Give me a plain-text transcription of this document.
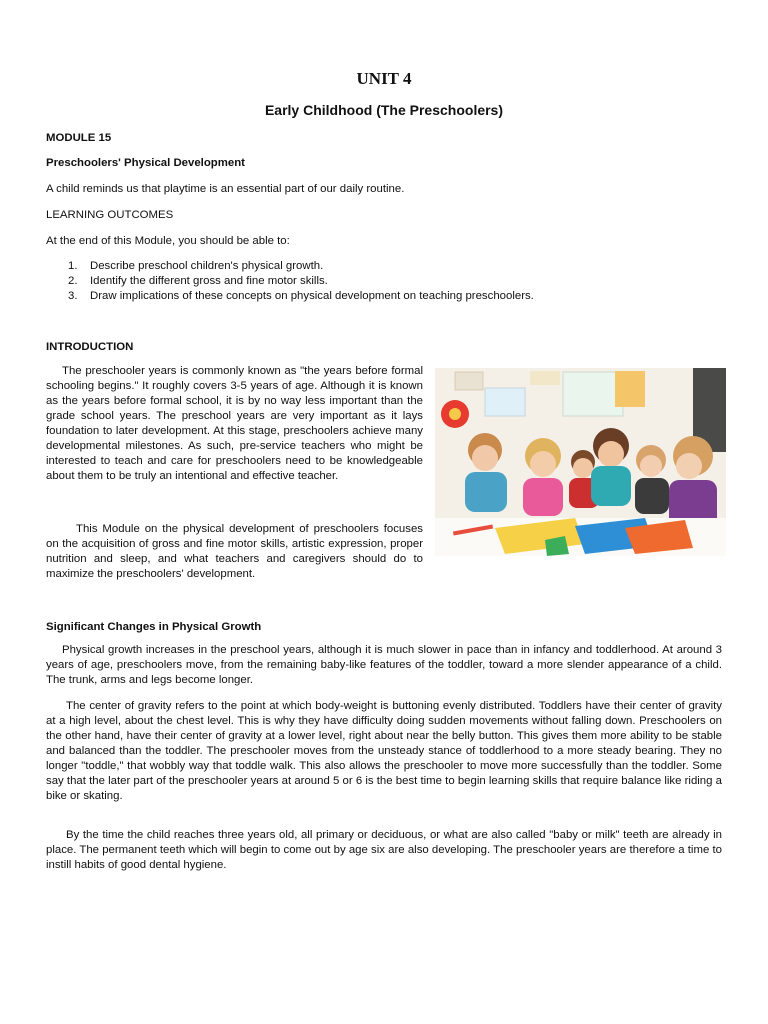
UNIT 4
Early Childhood (The Preschoolers)
MODULE 15
Preschoolers' Physical Development
A child reminds us that playtime is an essential part of our daily routine.
LEARNING OUTCOMES
At the end of this Module, you should be able to:
1. Describe preschool children's physical growth.
2. Identify the different gross and fine motor skills.
3. Draw implications of these concepts on physical development on teaching preschoolers.
INTRODUCTION

The preschooler years is commonly known as "the years before formal schooling begins." It roughly covers 3-5 years of age. Although it is known as the years before formal school, it is by no way less important than the grade school years. The preschool years are very important as it lays foundation to later development. At this stage, preschoolers achieve many developmental milestones. As such, pre-service teachers who might be interested to teach and care for preschoolers need to be knowledgeable about them to be truly an intentional and effective teacher.

This Module on the physical development of preschoolers focuses on the acquisition of gross and fine motor skills, artistic expression, proper nutrition and sleep, and what teachers and caregivers should do to maximize the preschoolers' development.

Significant Changes in Physical Growth

Physical growth increases in the preschool years, although it is much slower in pace than in infancy and toddlerhood. At around 3 years of age, preschoolers move, from the remaining baby-like features of the toddler, toward a more slender appearance of a child. The trunk, arms and legs become longer.

The center of gravity refers to the point at which body-weight is buttoning evenly distributed. Toddlers have their center of gravity at a high level, about the chest level. This is why they have difficulty doing sudden movements without falling down. Preschoolers on the other hand, have their center of gravity at a lower level, right about near the belly button. This gives them more ability to be stable and balanced than the toddler. The preschooler moves from the unsteady stance of toddlerhood to a more steady bearing. They no longer "toddle," that wobbly way that toddle walk. This also allows the preschooler to move more successfully than the toddler. Some say that the later part of the preschooler years at around 5 or 6 is the best time to begin learning skills that require balance like riding a bike or skating.

By the time the child reaches three years old, all primary or deciduous, or what are also called "baby or milk" teeth are already in place. The permanent teeth which will begin to come out by age six are also developing. The preschooler years are therefore a time to instill habits of good dental hygiene.
